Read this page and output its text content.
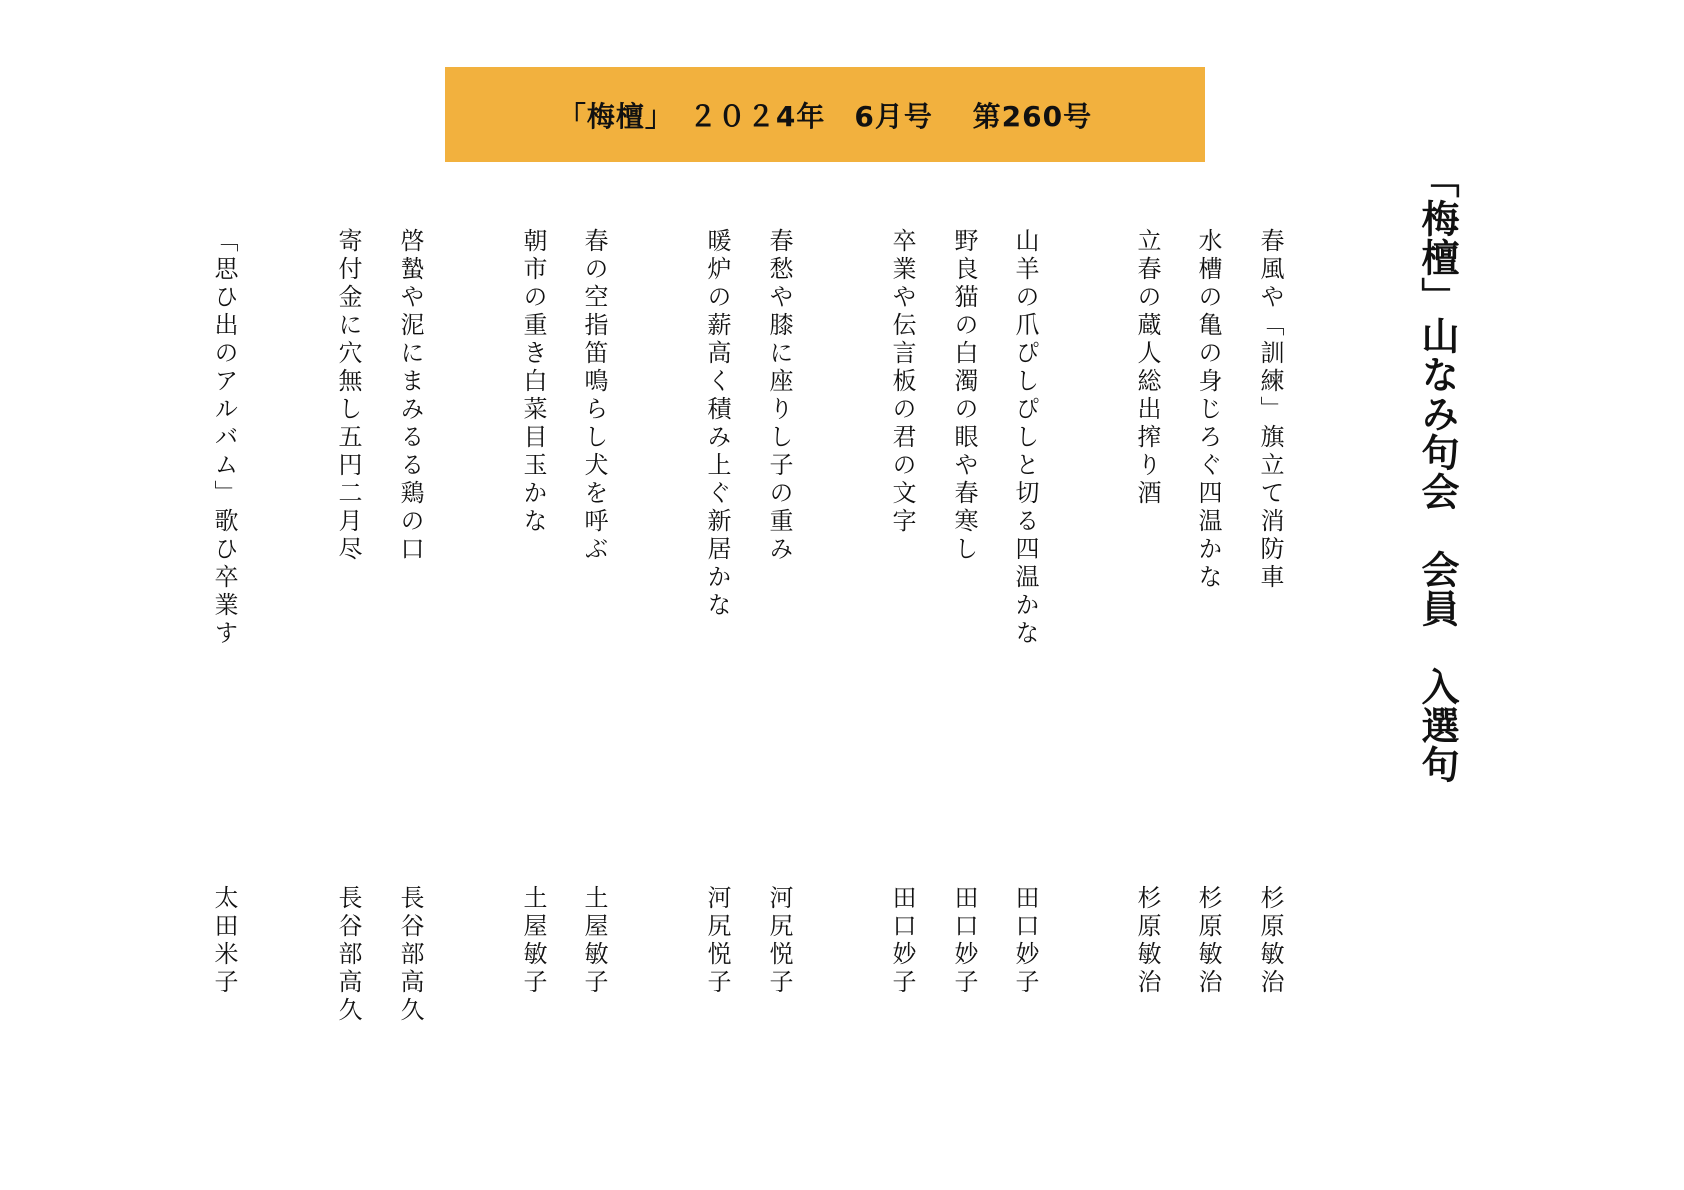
「梅檀」　２０２4年　6月号　 第260号
「梅檀」山なみ句会　会員　入選句
春風や「訓練」旗立て消防車
杉原敏治
水槽の亀の身じろぐ四温かな
杉原敏治
立春の蔵人総出搾り酒
杉原敏治
山羊の爪ぴしぴしと切る四温かな
田口妙子
野良猫の白濁の眼や春寒し
田口妙子
卒業や伝言板の君の文字
田口妙子
春愁や膝に座りし子の重み
河尻悦子
暖炉の薪高く積み上ぐ新居かな
河尻悦子
春の空指笛鳴らし犬を呼ぶ
土屋敏子
朝市の重き白菜目玉かな
土屋敏子
啓蟄や泥にまみるる鶏の口
長谷部高久
寄付金に穴無し五円二月尽
長谷部高久
「思ひ出のアルバム」歌ひ卒業す
太田米子
